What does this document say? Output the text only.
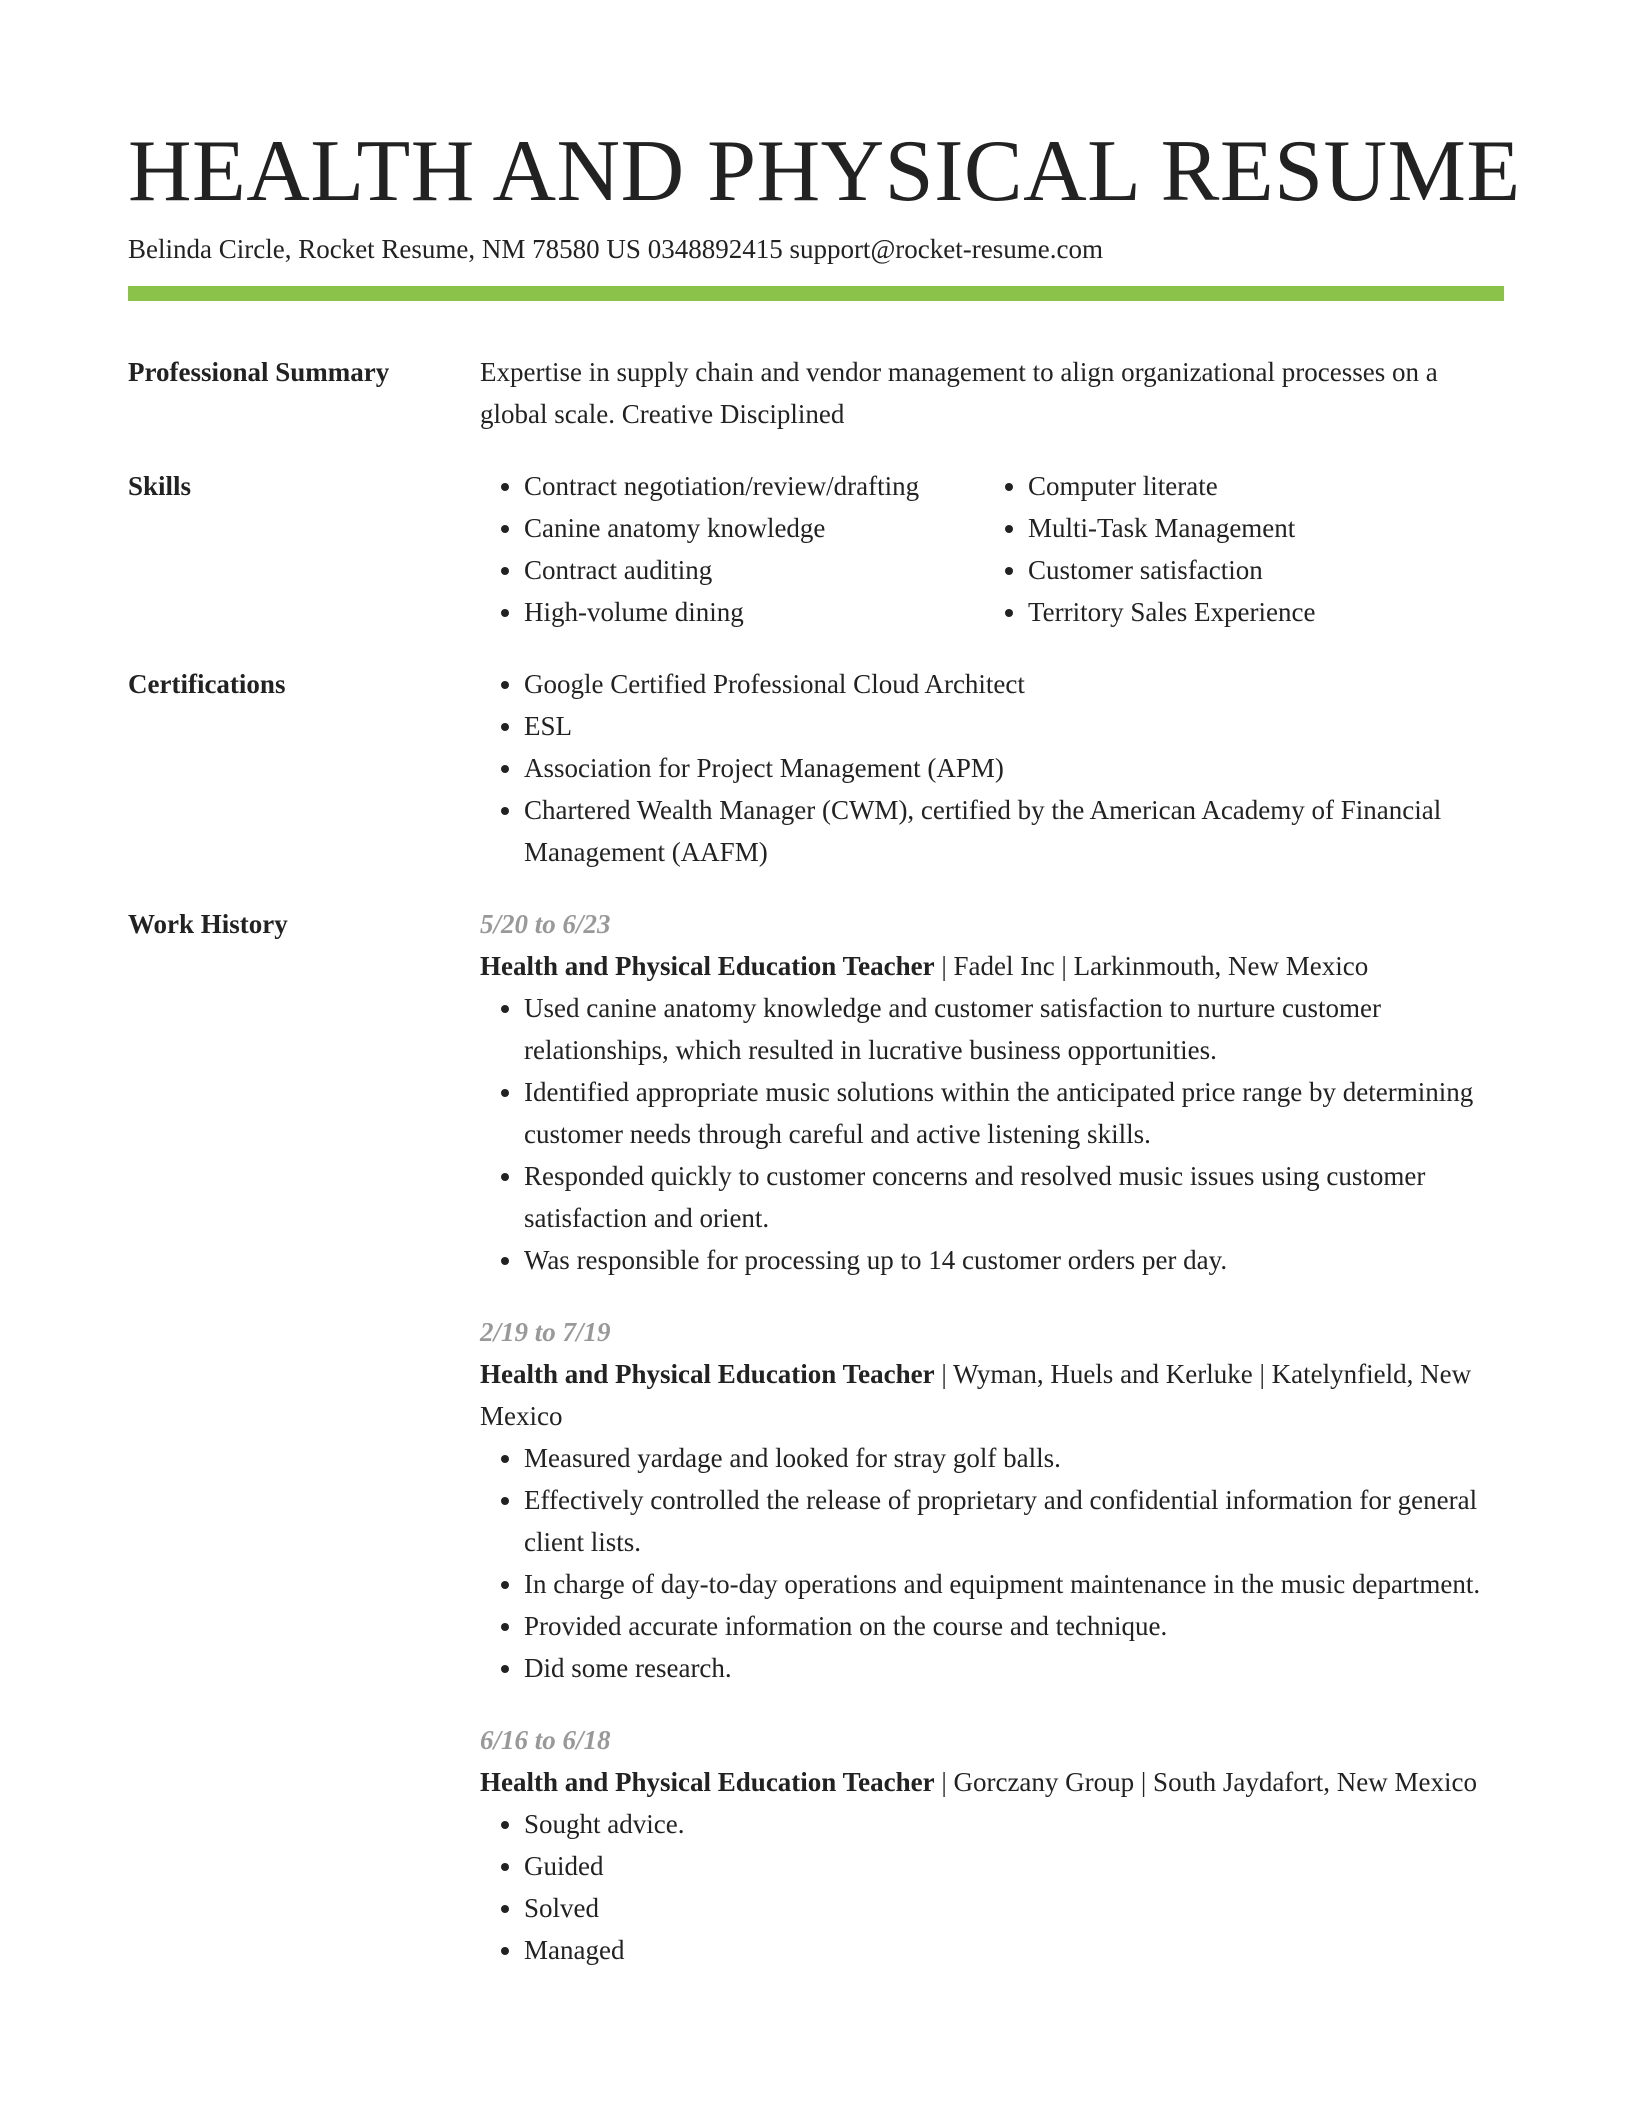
HEALTH AND PHYSICAL RESUME
Belinda Circle, Rocket Resume, NM 78580 US 0348892415 support@rocket-resume.com
Professional Summary	Expertise in supply chain and vendor management to align organizational processes on a global scale. Creative Disciplined

Skills	• Contract negotiation/review/drafting
• Canine anatomy knowledge
• Contract auditing
• High-volume dining
• Computer literate
• Multi-Task Management
• Customer satisfaction
• Territory Sales Experience
Certifications	• Google Certified Professional Cloud Architect
• ESL
• Association for Project Management (APM)
• Chartered Wealth Manager (CWM), certified by the American Academy of Financial Management (AAFM)
Work History	5/20 to 6/23

Health and Physical Education Teacher | Fadel Inc | Larkinmouth, New Mexico

• Used canine anatomy knowledge and customer satisfaction to nurture customer relationships, which resulted in lucrative business opportunities.
• Identified appropriate music solutions within the anticipated price range by determining customer needs through careful and active listening skills.
• Responded quickly to customer concerns and resolved music issues using customer satisfaction and orient.
• Was responsible for processing up to 14 customer orders per day.
2/19 to 7/19

Health and Physical Education Teacher | Wyman, Huels and Kerluke | Katelynfield, New Mexico

• Measured yardage and looked for stray golf balls.
• Effectively controlled the release of proprietary and confidential information for general client lists.
• In charge of day-to-day operations and equipment maintenance in the music department.
• Provided accurate information on the course and technique.
• Did some research.
6/16 to 6/18

Health and Physical Education Teacher | Gorczany Group | South Jaydafort, New Mexico

• Sought advice.
• Guided
• Solved
• Managed
